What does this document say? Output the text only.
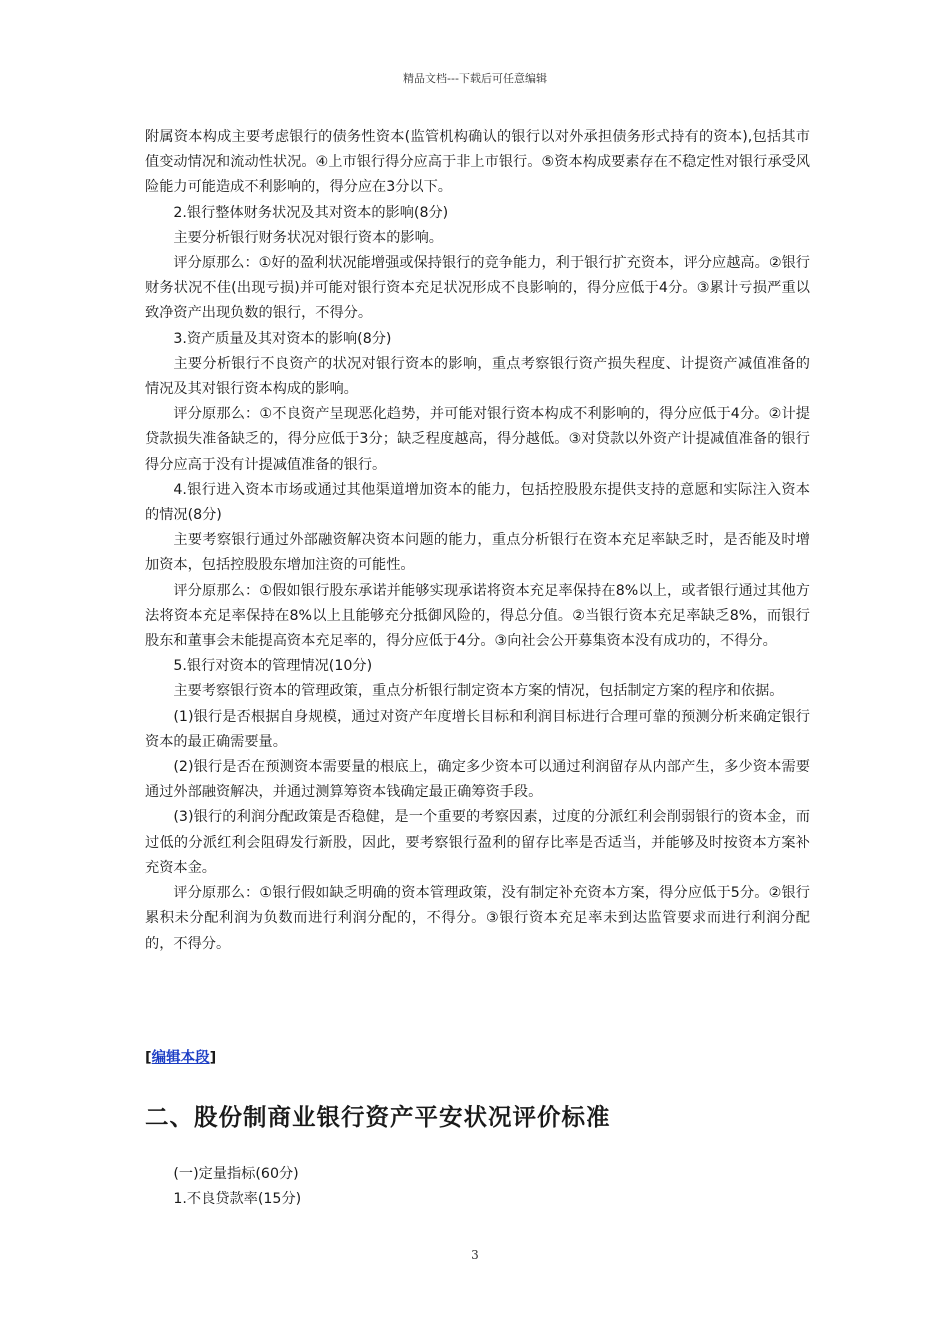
精品文档---下载后可任意编辑

附属资本构成主要考虑银行的债务性资本(监管机构确认的银行以对外承担债务形式持有的资本),包括其市值变动情况和流动性状况。④上市银行得分应高于非上市银行。⑤资本构成要素存在不稳定性对银行承受风险能力可能造成不利影响的，得分应在3分以下。

2.银行整体财务状况及其对资本的影响(8分)

主要分析银行财务状况对银行资本的影响。

评分原那么：①好的盈利状况能增强或保持银行的竞争能力，利于银行扩充资本，评分应越高。②银行财务状况不佳(出现亏损)并可能对银行资本充足状况形成不良影响的，得分应低于4分。③累计亏损严重以致净资产出现负数的银行，不得分。

3.资产质量及其对资本的影响(8分)

主要分析银行不良资产的状况对银行资本的影响，重点考察银行资产损失程度、计提资产减值准备的情况及其对银行资本构成的影响。

评分原那么：①不良资产呈现恶化趋势，并可能对银行资本构成不利影响的，得分应低于4分。②计提贷款损失准备缺乏的，得分应低于3分；缺乏程度越高，得分越低。③对贷款以外资产计提减值准备的银行得分应高于没有计提减值准备的银行。

4.银行进入资本市场或通过其他渠道增加资本的能力，包括控股股东提供支持的意愿和实际注入资本的情况(8分)

主要考察银行通过外部融资解决资本问题的能力，重点分析银行在资本充足率缺乏时，是否能及时增加资本，包括控股股东增加注资的可能性。

评分原那么：①假如银行股东承诺并能够实现承诺将资本充足率保持在8%以上，或者银行通过其他方法将资本充足率保持在8%以上且能够充分抵御风险的，得总分值。②当银行资本充足率缺乏8%，而银行股东和董事会未能提高资本充足率的，得分应低于4分。③向社会公开募集资本没有成功的，不得分。

5.银行对资本的管理情况(10分)

主要考察银行资本的管理政策，重点分析银行制定资本方案的情况，包括制定方案的程序和依据。

(1)银行是否根据自身规模，通过对资产年度增长目标和利润目标进行合理可靠的预测分析来确定银行资本的最正确需要量。

(2)银行是否在预测资本需要量的根底上，确定多少资本可以通过利润留存从内部产生，多少资本需要通过外部融资解决，并通过测算筹资本钱确定最正确筹资手段。

(3)银行的利润分配政策是否稳健，是一个重要的考察因素，过度的分派红利会削弱银行的资本金，而过低的分派红利会阻碍发行新股，因此，要考察银行盈利的留存比率是否适当，并能够及时按资本方案补充资本金。

评分原那么：①银行假如缺乏明确的资本管理政策，没有制定补充资本方案，得分应低于5分。②银行累积未分配利润为负数而进行利润分配的，不得分。③银行资本充足率未到达监管要求而进行利润分配的，不得分。

[编辑本段]
二、股份制商业银行资产平安状况评价标准

(一)定量指标(60分)

1.不良贷款率(15分)

3
